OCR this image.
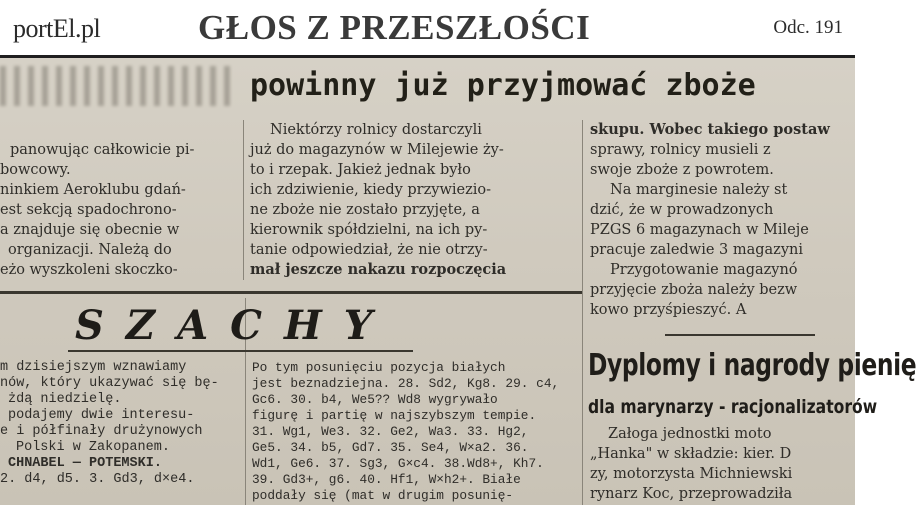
portEl.pl	GŁOS Z PRZESZŁOŚCI	Odc. 191
powinny już przyjmować zboże
panowując całkowicie pi-
bowcowy.
ninkiem Aeroklubu gdań-
est sekcją spadochrono-
a znajduje się obecnie w
organizacji. Należą do
eżo wyszkoleni skoczko-
Niektórzy rolnicy dostarczyli
już do magazynów w Milejewie ży-
to i rzepak. Jakież jednak było
ich zdziwienie, kiedy przywiezio-
ne zboże nie zostało przyjęte, a
kierownik spółdzielni, na ich py-
tanie odpowiedział, że nie otrzy-
mał jeszcze nakazu rozpoczęcia
skupu. Wobec takiego postaw
sprawy, rolnicy musieli z
swoje zboże z powrotem.
Na marginesie należy st
dzić, że w prowadzonych
PZGS 6 magazynach w Mileje
pracuje zaledwie 3 magazyni
Przygotowanie magazynó
przyjęcie zboża należy bezw
kowo przyśpieszyć. A
SZACHY
m dzisiejszym wznawiamy
nów, który ukazywać się bę-
żdą niedzielę.
podajemy dwie interesu-
e i półfinały drużynowych
Polski w Zakopanem.
CHNABEL — POTEMSKI.
2. d4, d5. 3. Gd3, d×e4.
Po tym posunięciu pozycja białych
jest beznadziejna. 28. Sd2, Kg8. 29. c4,
Gc6. 30. b4, We5?? Wd8 wygrywało
figurę i partię w najszybszym tempie.
31. Wg1, We3. 32. Ge2, Wa3. 33. Hg2,
Ge5. 34. b5, Gd7. 35. Se4, W×a2. 36.
Wd1, Ge6. 37. Sg3, G×c4. 38.Wd8+, Kh7.
39. Gd3+, g6. 40. Hf1, W×h2+. Białe
poddały się (mat w drugim posunię-
Dyplomy i nagrody pienię
dla marynarzy - racjonalizatorów
Załoga jednostki moto
„Hanka" w składzie: kier. D
zy, motorzysta Michniewski
rynarz Koc, przeprowadziła
